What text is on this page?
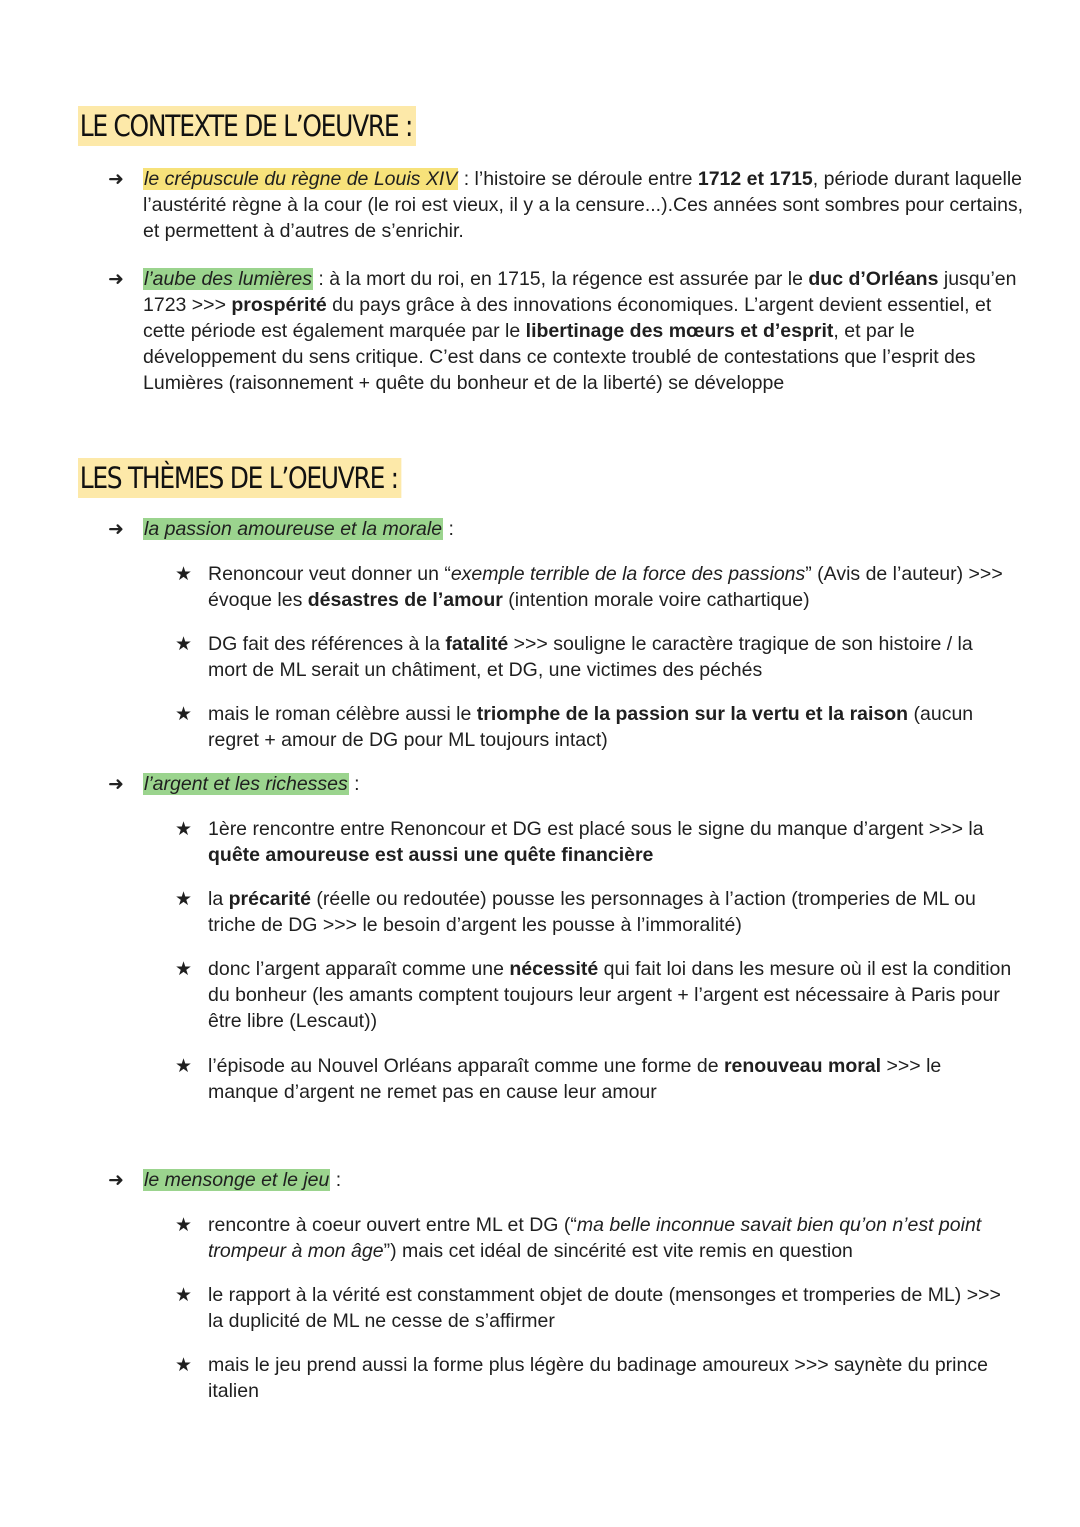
LE CONTEXTE DE L’OEUVRE :
➜ le crépuscule du règne de Louis XIV : l’histoire se déroule entre 1712 et 1715, période durant laquelle l’austérité règne à la cour (le roi est vieux, il y a la censure...).Ces années sont sombres pour certains, et permettent à d’autres de s’enrichir.
➜ l’aube des lumières : à la mort du roi, en 1715, la régence est assurée par le duc d’Orléans jusqu’en 1723 >>> prospérité du pays grâce à des innovations économiques. L’argent devient essentiel, et cette période est également marquée par le libertinage des mœurs et d’esprit, et par le développement du sens critique. C’est dans ce contexte troublé de contestations que l’esprit des Lumières (raisonnement + quête du bonheur et de la liberté) se développe
LES THÈMES DE L’OEUVRE :
➜ la passion amoureuse et la morale :
★ Renoncour veut donner un “exemple terrible de la force des passions” (Avis de l’auteur) >>> évoque les désastres de l’amour (intention morale voire cathartique)
★ DG fait des références à la fatalité >>> souligne le caractère tragique de son histoire / la mort de ML serait un châtiment, et DG, une victimes des péchés
★ mais le roman célèbre aussi le triomphe de la passion sur la vertu et la raison (aucun regret + amour de DG pour ML toujours intact)
➜ l’argent et les richesses :
★ 1ère rencontre entre Renoncour et DG est placé sous le signe du manque d’argent >>> la quête amoureuse est aussi une quête financière
★ la précarité (réelle ou redoutée) pousse les personnages à l’action (tromperies de ML ou triche de DG >>> le besoin d’argent les pousse à l’immoralité)
★ donc l’argent apparaît comme une nécessité qui fait loi dans les mesure où il est la condition du bonheur (les amants comptent toujours leur argent + l’argent est nécessaire à Paris pour être libre (Lescaut))
★ l’épisode au Nouvel Orléans apparaît comme une forme de renouveau moral >>> le manque d’argent ne remet pas en cause leur amour
➜ le mensonge et le jeu :
★ rencontre à coeur ouvert entre ML et DG (“ma belle inconnue savait bien qu’on n’est point trompeur à mon âge”) mais cet idéal de sincérité est vite remis en question
★ le rapport à la vérité est constamment objet de doute (mensonges et tromperies de ML) >>> la duplicité de ML ne cesse de s’affirmer
★ mais le jeu prend aussi la forme plus légère du badinage amoureux >>> saynète du prince italien
